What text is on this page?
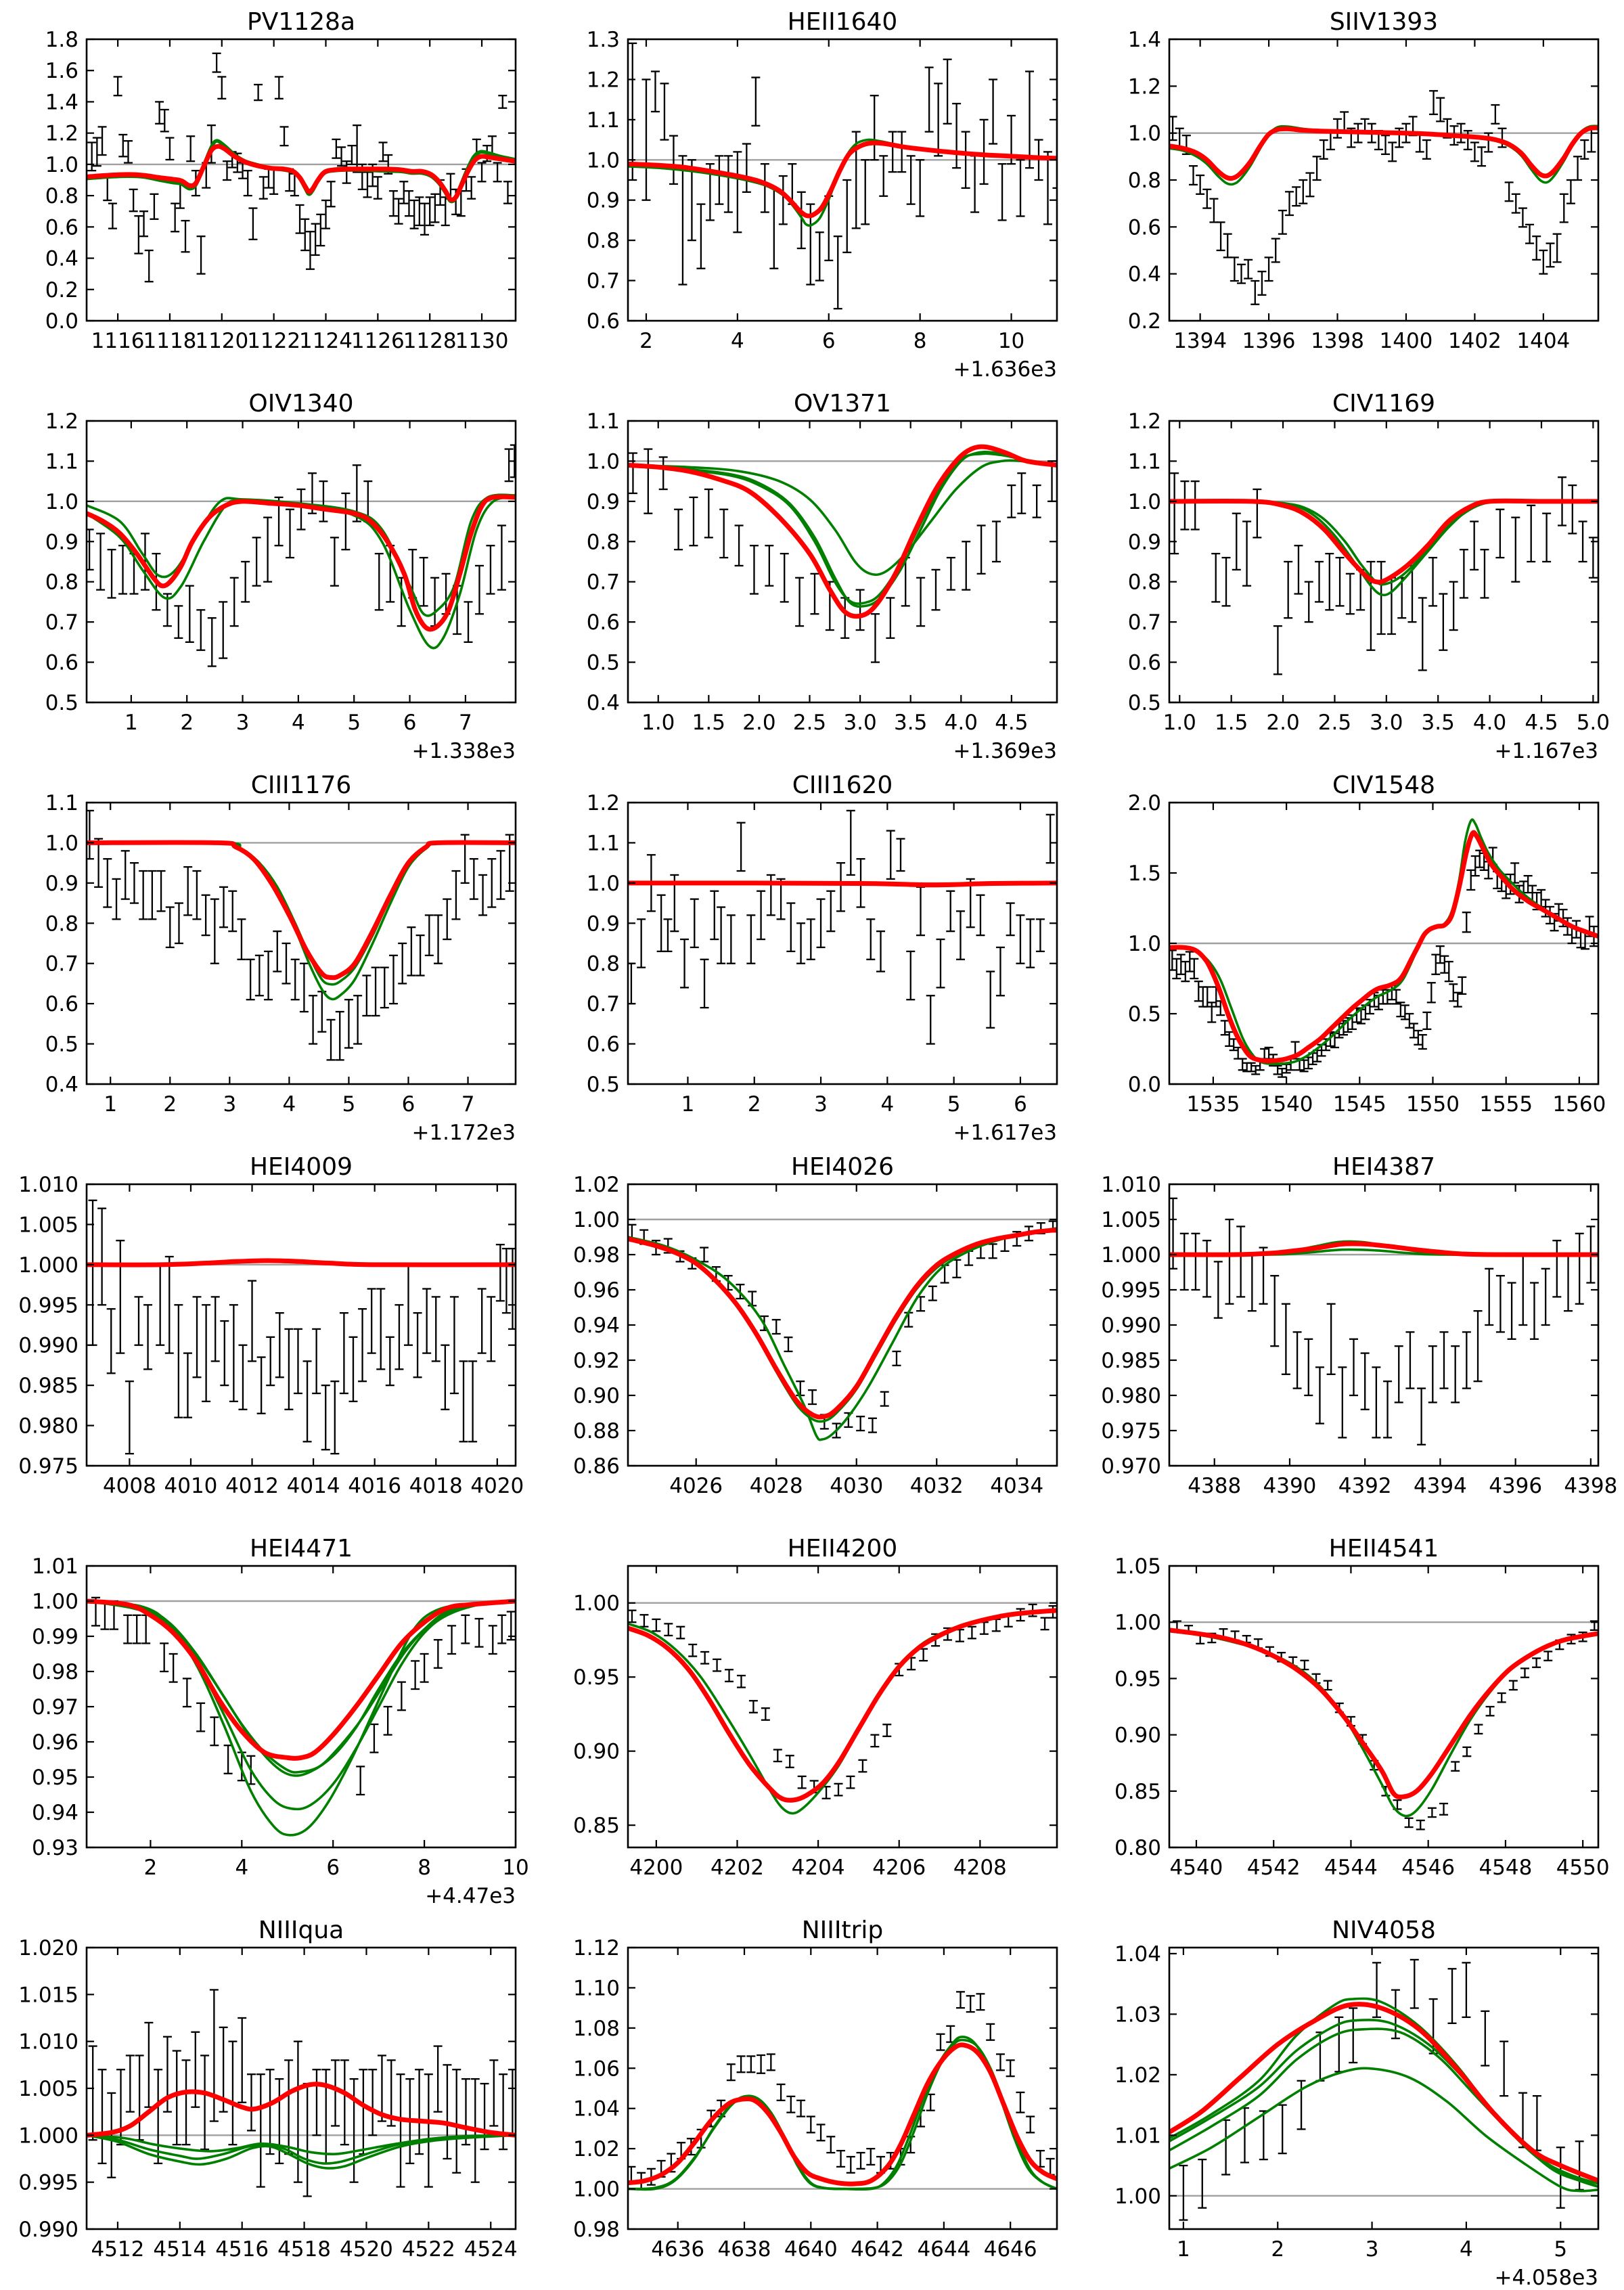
1116
1118
1120
1122
1124
1126
1128
1130
0.0
0.2
0.4
0.6
0.8
1.0
1.2
1.4
1.6
1.8
PV1128a
2	4	6	8	10
0.6
0.7
0.8
0.9
1.0
1.1
1.2
1.3
+1.636e3
HEII1640
1394 1396 1398 1400 1402 1404
0.2
0.4
0.6
0.8
1.0
1.2
1.4
SIIV1393
1 2 3 4 5 6 7
0.5
0.6
0.7
0.8
0.9
1.0
1.1
1.2
+1.338e3
OIV1340
1.0 1.5 2.0 2.5 3.0 3.5 4.0 4.5
0.4
0.5
0.6
0.7
0.8
0.9
1.0
1.1
+1.369e3
OV1371
1.0 1.5 2.0 2.5 3.0 3.5 4.0 4.5 5.0
0.5
0.6
0.7
0.8
0.9
1.0
1.1
1.2
+1.167e3
CIV1169
1 2 3 4 5 6 7
0.4
0.5
0.6
0.7
0.8
0.9
1.0
1.1
+1.172e3
CIII1176
1	2	3	4	5	6
0.5
0.6
0.7
0.8
0.9
1.0
1.1
1.2
+1.617e3
CIII1620
1535 1540 1545 1550 1555 1560
0.0
0.5
1.0
1.5
2.0
CIV1548
4008 4010 4012 4014 4016 4018 4020
0.975
0.980
0.985
0.990
0.995
1.000
1.005
1.010
HEI4009
4026 4028 4030 4032 4034
0.86
0.88
0.90
0.92
0.94
0.96
0.98
1.00
1.02
HEI4026
4388 4390 4392 4394 4396 4398
0.970
0.975
0.980
0.985
0.990
0.995
1.000
1.005
1.010
HEI4387
2	4	6	8	10
0.93
0.94
0.95
0.96
0.97
0.98
0.99
1.00
1.01
+4.47e3
HEI4471
4200 4202 4204 4206 4208
0.85
0.90
0.95
1.00
HEII4200
4540 4542 4544 4546 4548 4550
0.80
0.85
0.90
0.95
1.00
1.05
HEII4541
4512 4514 4516 4518 4520 4522 4524
0.990
0.995
1.000
1.005
1.010
1.015
1.020
NIIIqua
4636 4638 4640 4642 4644 4646
0.98
1.00
1.02
1.04
1.06
1.08
1.10
1.12
NIIItrip
1	2	3	4	5
1.00
1.01
1.02
1.03
1.04
+4.058e3
NIV4058
